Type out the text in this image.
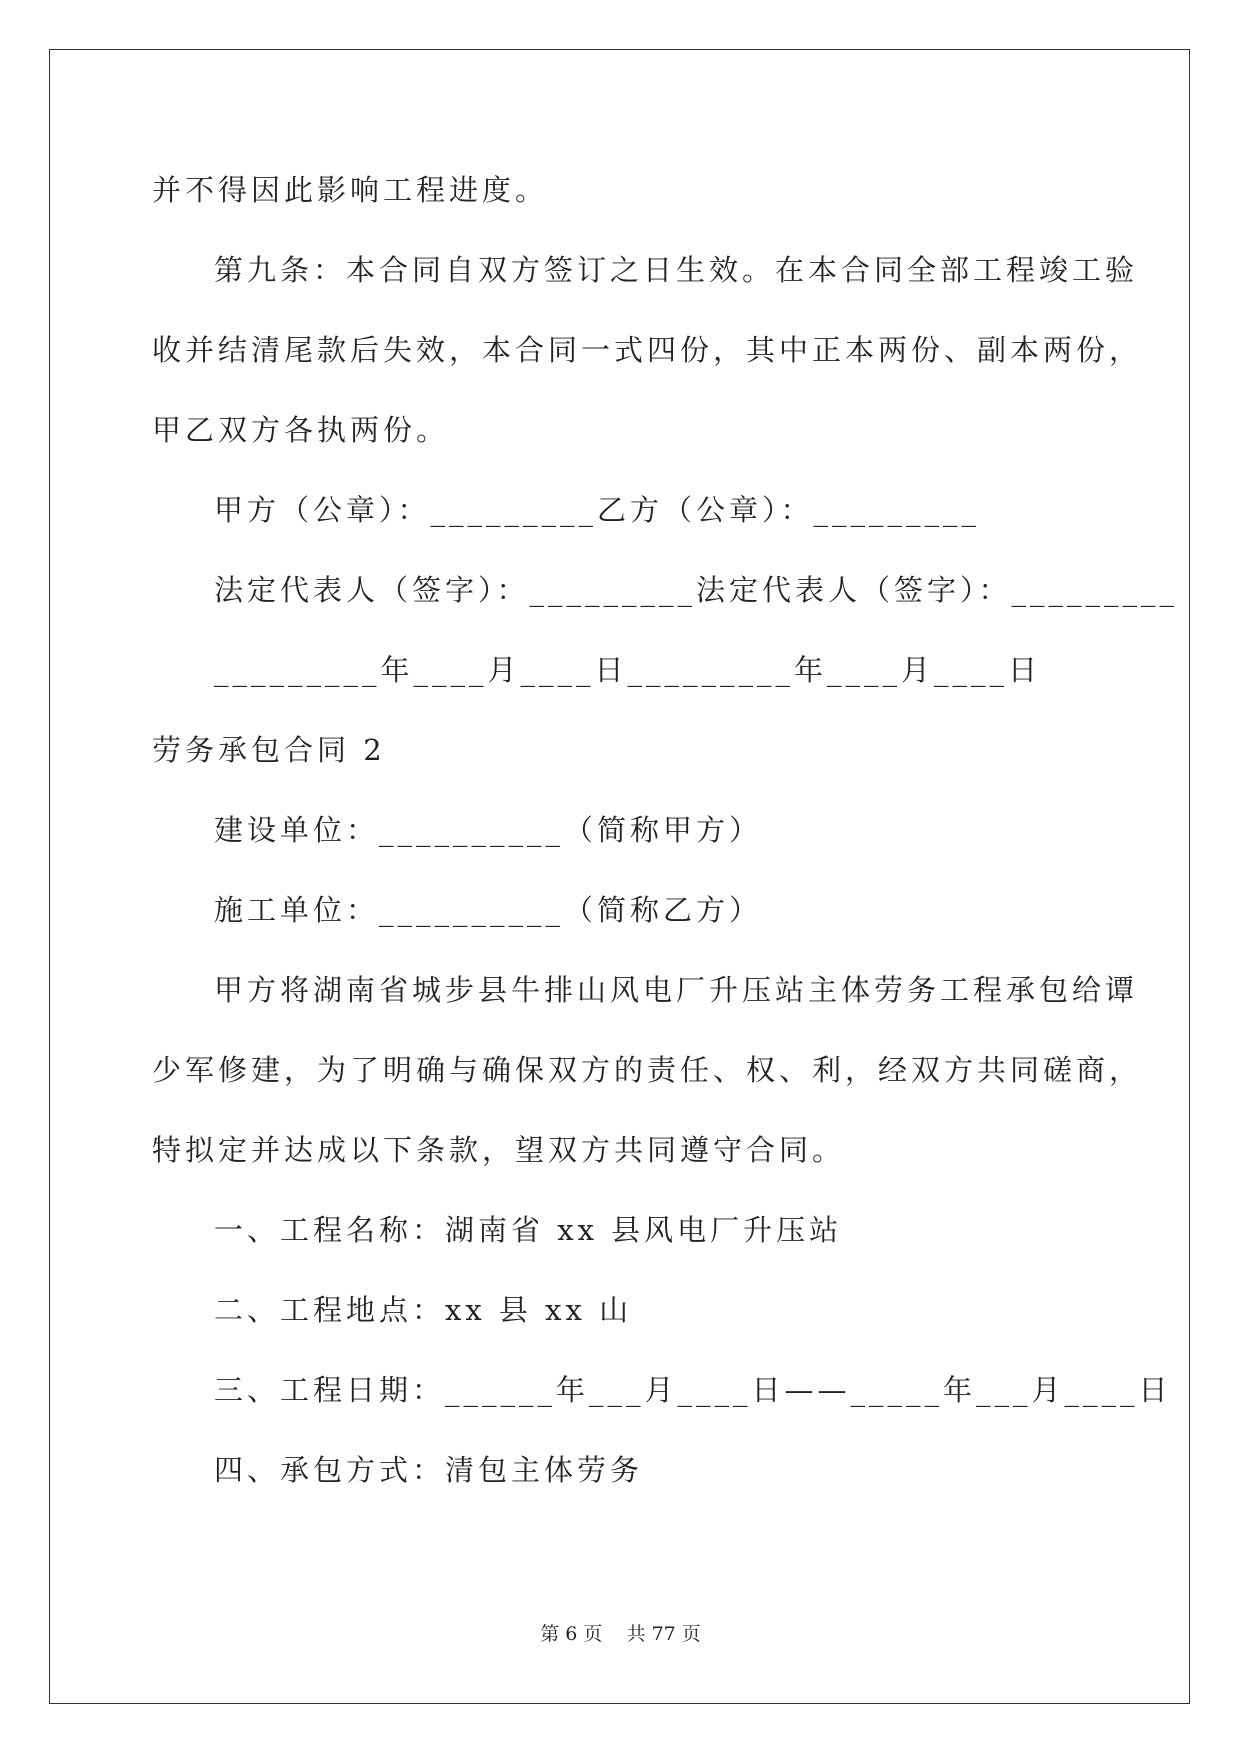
并不得因此影响工程进度。
第九条：本合同自双方签订之日生效。在本合同全部工程竣工验
收并结清尾款后失效，本合同一式四份，其中正本两份、副本两份，
甲乙双方各执两份。
甲方（公章）：_________乙方（公章）：_________
法定代表人（签字）：_________法定代表人（签字）：_________
_________年____月____日_________年____月____日
劳务承包合同 2
建设单位：__________（简称甲方）
施工单位：__________（简称乙方）
甲方将湖南省城步县牛排山风电厂升压站主体劳务工程承包给谭
少军修建，为了明确与确保双方的责任、权、利，经双方共同磋商，
特拟定并达成以下条款，望双方共同遵守合同。
一、工程名称：湖南省 xx 县风电厂升压站
二、工程地点：xx 县 xx 山
三、工程日期：______年___月____日——_____年___月____日
四、承包方式：清包主体劳务
第 6 页    共 77 页
